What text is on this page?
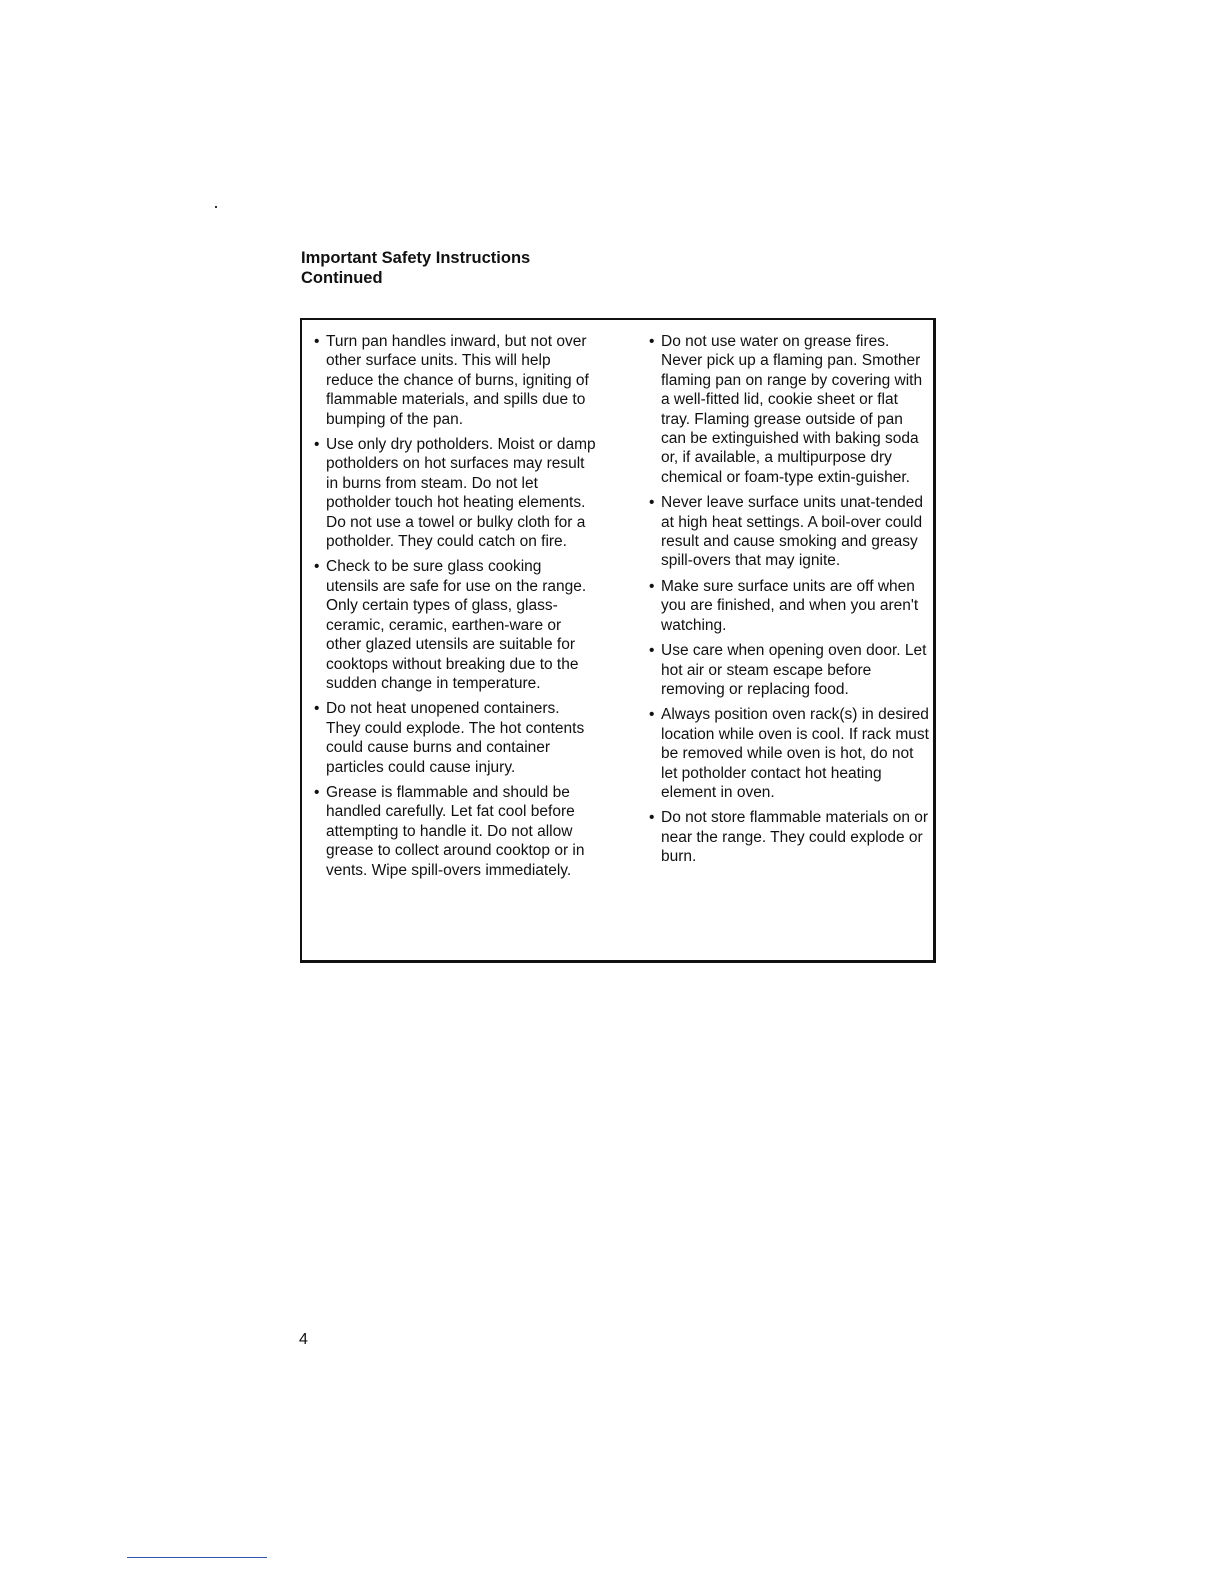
Important Safety Instructions
Continued
• Turn pan handles inward, but not over other surface units. This will help reduce the chance of burns, igniting of flammable materials, and spills due to bumping of the pan.
• Use only dry potholders. Moist or damp potholders on hot surfaces may result in burns from steam. Do not let potholder touch hot heating elements. Do not use a towel or bulky cloth for a potholder. They could catch on fire.
• Check to be sure glass cooking utensils are safe for use on the range. Only certain types of glass, glass-ceramic, ceramic, earthen-ware or other glazed utensils are suitable for cooktops without breaking due to the sudden change in temperature.
• Do not heat unopened containers. They could explode. The hot contents could cause burns and container particles could cause injury.
• Grease is flammable and should be handled carefully. Let fat cool before attempting to handle it. Do not allow grease to collect around cooktop or in vents. Wipe spill-overs immediately.
• Do not use water on grease fires. Never pick up a flaming pan. Smother flaming pan on range by covering with a well-fitted lid, cookie sheet or flat tray. Flaming grease outside of pan can be extinguished with baking soda or, if available, a multipurpose dry chemical or foam-type extin-guisher.
• Never leave surface units unat-tended at high heat settings. A boil-over could result and cause smoking and greasy spill-overs that may ignite.
• Make sure surface units are off when you are finished, and when you aren't watching.
• Use care when opening oven door. Let hot air or steam escape before removing or replacing food.
• Always position oven rack(s) in desired location while oven is cool. If rack must be removed while oven is hot, do not let potholder contact hot heating element in oven.
• Do not store flammable materials on or near the range. They could explode or burn.
4
